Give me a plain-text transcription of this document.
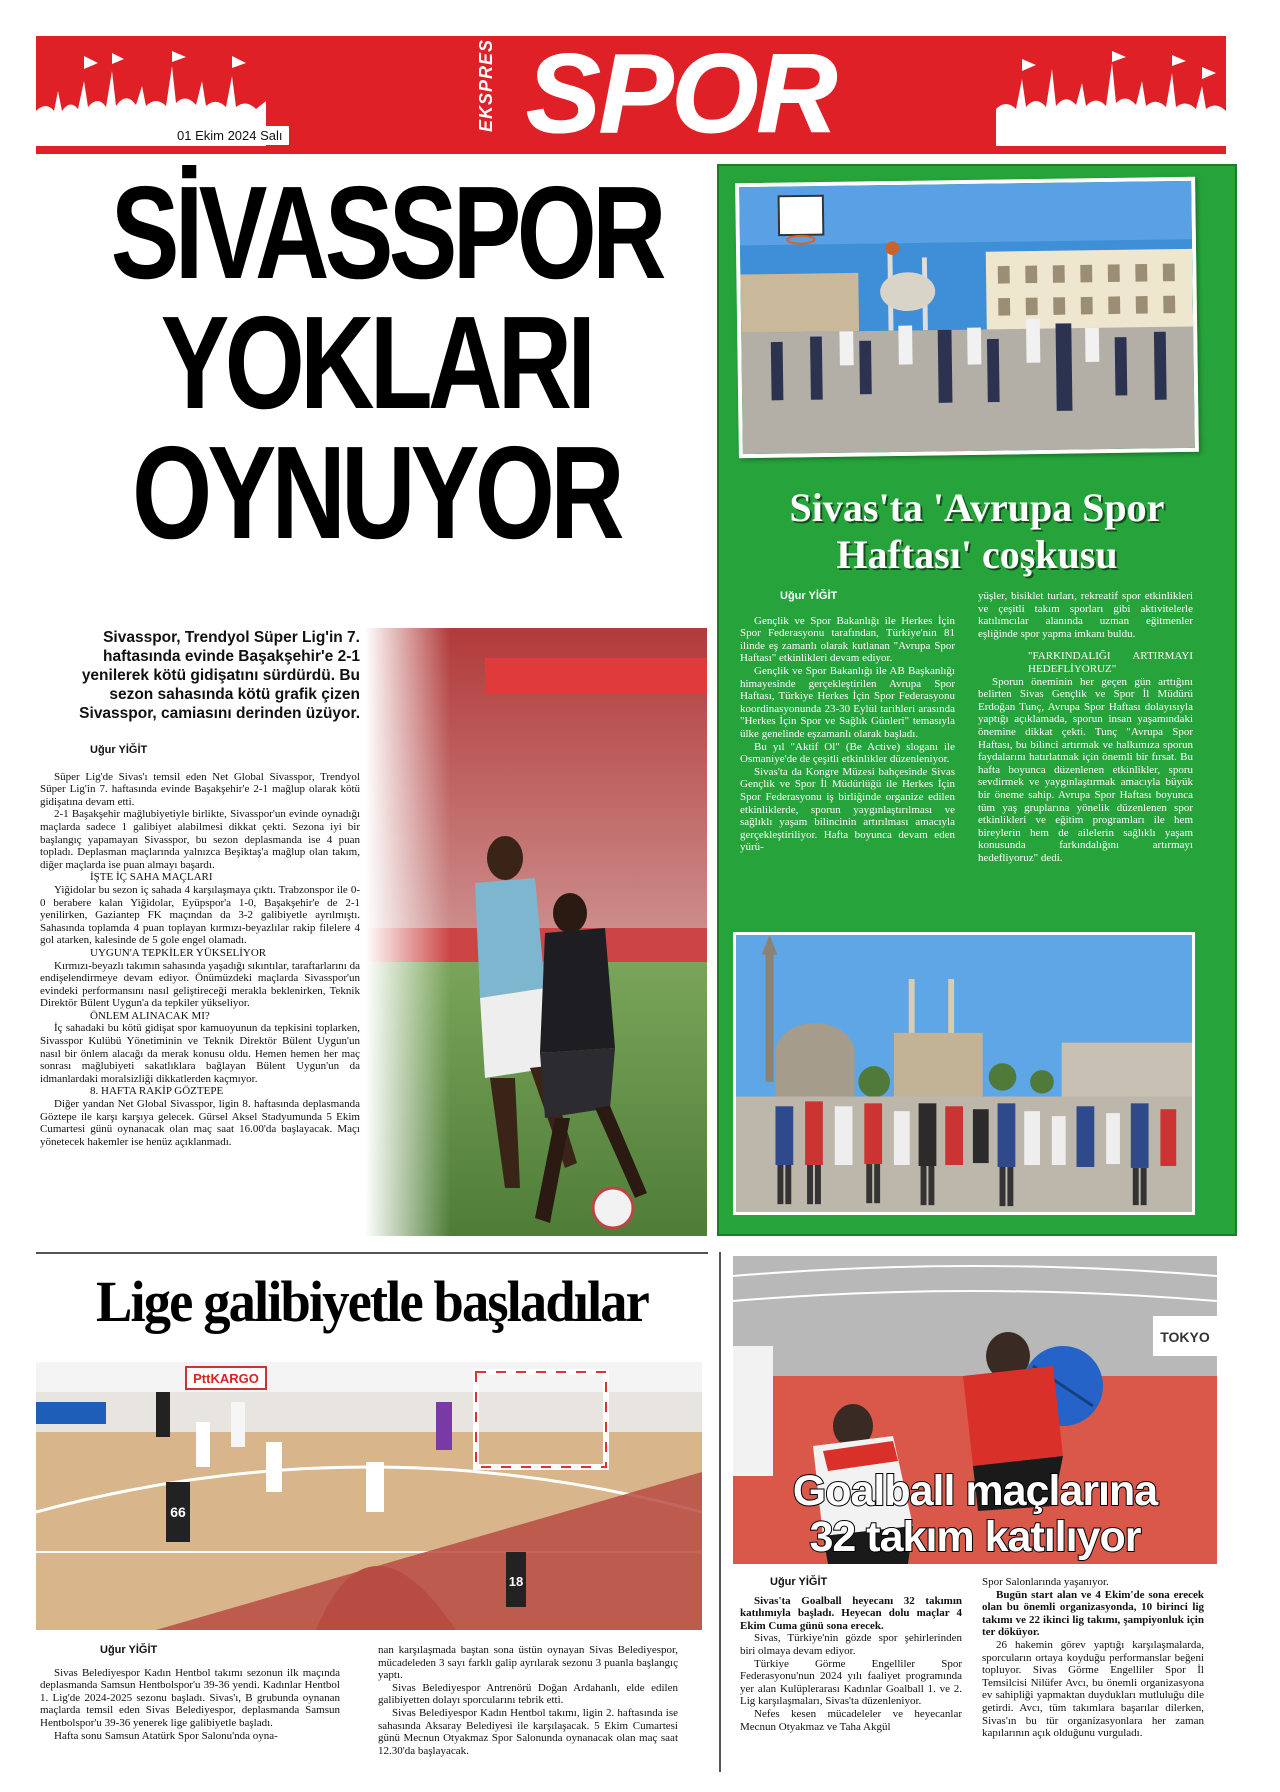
EKSPRES SPOR
01 Ekim 2024 Salı
SİVASSPOR
YOKLARI
OYNUYOR
Sivasspor, Trendyol Süper Lig'in 7. haftasında evinde Başakşehir'e 2-1 yenilerek kötü gidişatını sürdürdü. Bu sezon sahasında kötü grafik çizen Sivasspor, camiasını derinden üzüyor.
Uğur YİĞİT

Süper Lig'de Sivas'ı temsil eden Net Global Sivasspor, Trendyol Süper Lig'in 7. haftasında evinde Başakşehir'e 2-1 mağlup olarak kötü gidişatına devam etti.

2-1 Başakşehir mağlubiyetiyle birlikte, Sivasspor'un evinde oynadığı maçlarda sadece 1 galibiyet alabilmesi dikkat çekti. Sezona iyi bir başlangıç yapamayan Sivasspor, bu sezon deplasmanda ise 4 puan topladı. Deplasman maçlarında yalnızca Beşiktaş'a mağlup olan takım, diğer maçlarda ise puan almayı başardı.

İŞTE İÇ SAHA MAÇLARI

Yiğidolar bu sezon iç sahada 4 karşılaşmaya çıktı. Trabzonspor ile 0-0 berabere kalan Yiğidolar, Eyüpspor'a 1-0, Başakşehir'e de 2-1 yenilirken, Gaziantep FK maçından da 3-2 galibiyetle ayrılmıştı. Sahasında toplamda 4 puan toplayan kırmızı-beyazlılar rakip filelere 4 gol atarken, kalesinde de 5 gole engel olamadı.

UYGUN'A TEPKİLER YÜKSELİYOR

Kırmızı-beyazlı takımın sahasında yaşadığı sıkıntılar, taraftarlarını da endişelendirmeye devam ediyor. Önümüzdeki maçlarda Sivasspor'un evindeki performansını nasıl geliştireceği merakla beklenirken, Teknik Direktör Bülent Uygun'a da tepkiler yükseliyor.

ÖNLEM ALINACAK MI?

İç sahadaki bu kötü gidişat spor kamuoyunun da tepkisini toplarken, Sivasspor Kulübü Yönetiminin ve Teknik Direktör Bülent Uygun'un nasıl bir önlem alacağı da merak konusu oldu. Hemen hemen her maç sonrası mağlubiyeti sakatlıklara bağlayan Bülent Uygun'un da idmanlardaki moralsizliği dikkatlerden kaçmıyor.

8. HAFTA RAKİP GÖZTEPE

Diğer yandan Net Global Sivasspor, ligin 8. haftasında deplasmanda Göztepe ile karşı karşıya gelecek. Gürsel Aksel Stadyumunda 5 Ekim Cumartesi günü oynanacak olan maç saat 16.00'da başlayacak. Maçı yönetecek hakemler ise henüz açıklanmadı.

Sivas'ta 'Avrupa Spor
Haftası' coşkusu
Uğur YİĞİT

Gençlik ve Spor Bakanlığı ile Herkes İçin Spor Federasyonu tarafından, Türkiye'nin 81 ilinde eş zamanlı olarak kutlanan "Avrupa Spor Haftası" etkinlikleri devam ediyor.

Gençlik ve Spor Bakanlığı ile AB Başkanlığı himayesinde gerçekleştirilen Avrupa Spor Haftası, Türkiye Herkes İçin Spor Federasyonu koordinasyonunda 23-30 Eylül tarihleri arasında "Herkes İçin Spor ve Sağlık Günleri" temasıyla ülke genelinde eşzamanlı olarak başladı.

Bu yıl "Aktif Ol" (Be Active) sloganı ile Osmaniye'de de çeşitli etkinlikler düzenleniyor.

Sivas'ta da Kongre Müzesi bahçesinde Sivas Gençlik ve Spor İl Müdürlüğü ile Herkes İçin Spor Federasyonu iş birliğinde organize edilen etkinliklerde, sporun yaygınlaştırılması ve sağlıklı yaşam bilincinin artırılması amacıyla gerçekleştiriliyor. Hafta boyunca devam eden yürü-

yüşler, bisiklet turları, rekreatif spor etkinlikleri ve çeşitli takım sporları gibi aktivitelerle katılımcılar alanında uzman eğitmenler eşliğinde spor yapma imkanı buldu.

"FARKINDALIĞI ARTIRMAYI HEDEFLİYORUZ"

Sporun öneminin her geçen gün arttığını belirten Sivas Gençlik ve Spor İl Müdürü Erdoğan Tunç, Avrupa Spor Haftası dolayısıyla yaptığı açıklamada, sporun insan yaşamındaki önemine dikkat çekti. Tunç "Avrupa Spor Haftası, bu bilinci artırmak ve halkımıza sporun faydalarını hatırlatmak için önemli bir fırsat. Bu hafta boyunca düzenlenen etkinlikler, sporu sevdirmek ve yaygınlaştırmak amacıyla büyük bir öneme sahip. Avrupa Spor Haftası boyunca tüm yaş gruplarına yönelik düzenlenen spor etkinlikleri ve eğitim programları ile hem bireylerin hem de ailelerin sağlıklı yaşam konusunda farkındalığını artırmayı hedefliyoruz" dedi.

Lige galibiyetle başladılar
PttKARGO
66
18
Uğur YİĞİT

Sivas Belediyespor Kadın Hentbol takımı sezonun ilk maçında deplasmanda Samsun Hentbolspor'u 39-36 yendi. Kadınlar Hentbol 1. Lig'de 2024-2025 sezonu başladı. Sivas'ı, B grubunda oynanan maçlarda temsil eden Sivas Belediyespor, deplasmanda Samsun Hentbolspor'u 39-36 yenerek lige galibiyetle başladı.

Hafta sonu Samsun Atatürk Spor Salonu'nda oyna-

nan karşılaşmada baştan sona üstün oynayan Sivas Belediyespor, mücadeleden 3 sayı farklı galip ayrılarak sezonu 3 puanla başlangıç yaptı.

Sivas Belediyespor Antrenörü Doğan Ardahanlı, elde edilen galibiyetten dolayı sporcularını tebrik etti.

Sivas Belediyespor Kadın Hentbol takımı, ligin 2. haftasında ise sahasında Aksaray Belediyesi ile karşılaşacak. 5 Ekim Cumartesi günü Mecnun Otyakmaz Spor Salonunda oynanacak olan maç saat 12.30'da başlayacak.

TOKYO
Goalball maçlarına
32 takım katılıyor
Uğur YİĞİT

Sivas'ta Goalball heyecanı 32 takımın katılımıyla başladı. Heyecan dolu maçlar 4 Ekim Cuma günü sona erecek.

Sivas, Türkiye'nin gözde spor şehirlerinden biri olmaya devam ediyor.

Türkiye Görme Engelliler Spor Federasyonu'nun 2024 yılı faaliyet programında yer alan Kulüplerarası Kadınlar Goalball 1. ve 2. Lig karşılaşmaları, Sivas'ta düzenleniyor.

Nefes kesen mücadeleler ve heyecanlar Mecnun Otyakmaz ve Taha Akgül

Spor Salonlarında yaşanıyor.

Bugün start alan ve 4 Ekim'de sona erecek olan bu önemli organizasyonda, 10 birinci lig takımı ve 22 ikinci lig takımı, şampiyonluk için ter döküyor.

26 hakemin görev yaptığı karşılaşmalarda, sporcuların ortaya koyduğu performanslar beğeni topluyor. Sivas Görme Engelliler Spor İl Temsilcisi Nilüfer Avcı, bu önemli organizasyona ev sahipliği yapmaktan duydukları mutluluğu dile getirdi. Avcı, tüm takımlara başarılar dilerken, Sivas'ın bu tür organizasyonlara her zaman kapılarının açık olduğunu vurguladı.
